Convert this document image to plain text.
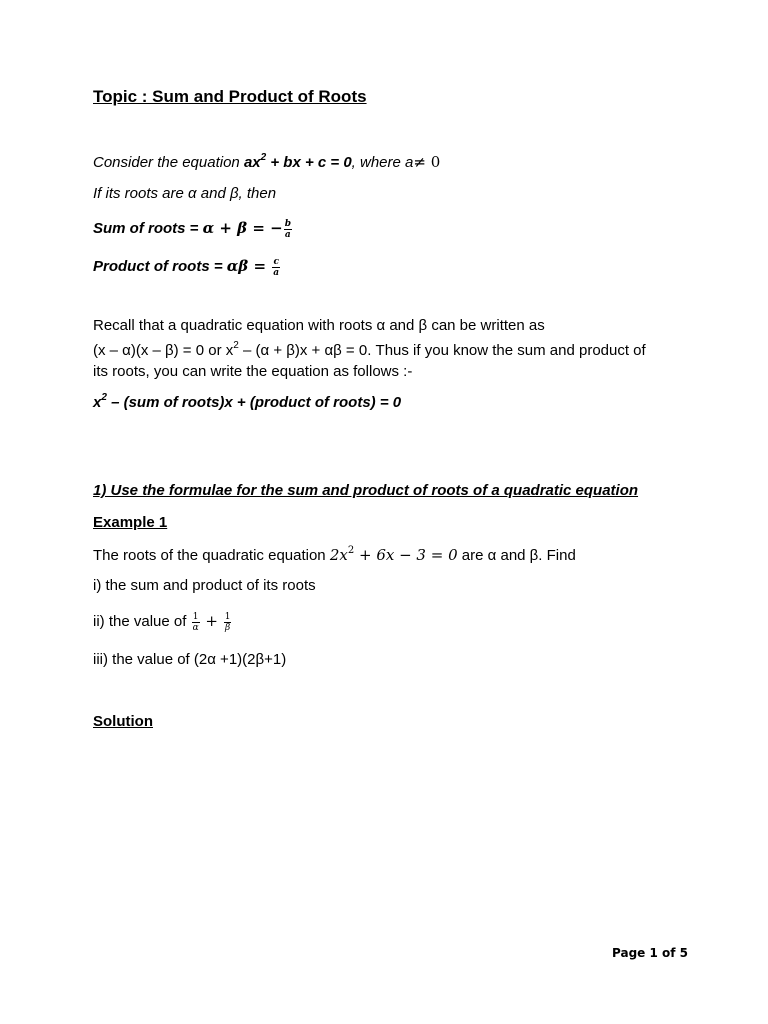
Topic : Sum and Product of Roots
Consider the equation $ax^2$ + bx + c = 0, where a≠ 0
If its roots are α and β, then
Sum of roots = α + β = − $\frac{b}{a}$
Product of roots = $\alpha\beta = \frac{c}{a}$
Recall that a quadratic equation with roots α and β can be written as
(x – α)(x – β) = 0 or $x^2 - (\alpha + \beta)x + \alpha\beta = 0$. Thus if you know the sum and product of
its roots, you can write the equation as follows :-
$x^2 - (sum$ of roots)x + (product of roots) = 0
1) Use the formulae for the sum and product of roots of a quadratic equation
Example 1
The roots of the quadratic equation $2x^2 + 6x - 3 = 0$ are α and β. Find
i) the sum and product of its roots
ii) the value of $\frac{1}{\alpha} + \frac{1}{\beta}$
iii) the value of (2α +1)(2β+1)
Solution
Page 1 of 5
